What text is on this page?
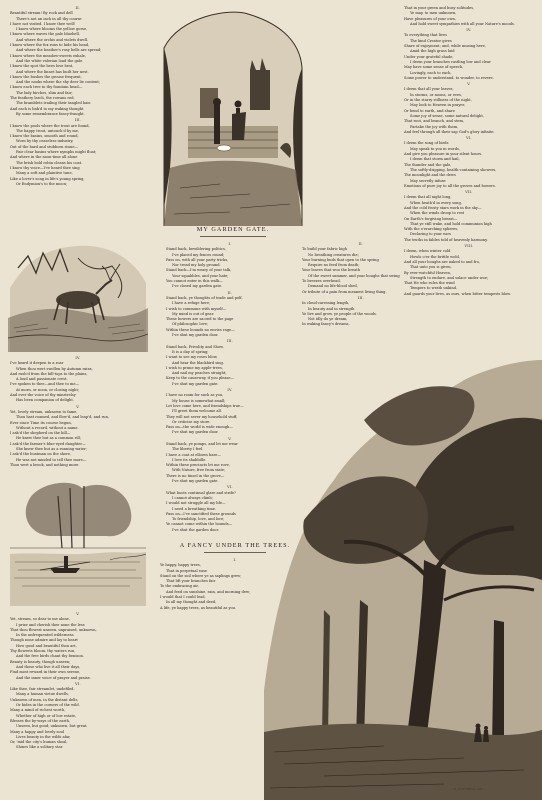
II.

Beautiful stream! By rock and dell

There's not an inch in all thy course

I have not visited. I know thee well!

I know where blooms the yellow gorse,

I know where waves the pale bluebell,

And where the orchis and violets dwell.

I know where the fox runs to hide his head,

And where the heather's rosy bells are spread;

I know where the meadow-sweets exhale,

And the white valerian load the gale.

I know the spot the bees love best,

And where the linnet has built her nest.

I know the bushes the grouse frequent,

And the nooks where the shy deer lie content;

I know each tree to thy fountain head—

The lady birches, slim and fair;

The feathery larch, the rowans red,

The bramblets trailing their tangled hair.

And each is link'd to my waking thought

By some remembrance fancy-fraught.

III.

I know the pools where the trout are found,

The happy trout, untouch'd by me,

I know the basins, smooth and round,

Worn by thy ceaseless industry,

Out of the hard and stubborn stone—

Fair clear basins where nymphs might float;

And where in the noon-time all alone

The brisk bold robin cleans his coat.

I know thy voice—I've heard thee sing

Many a soft and plaintive tune,

Like a lover's song in life's young spring,

Or Endymion's to the moon;

IV.

I've heard it deepen to a roar

When thou wert swollen by Autumn rains,

And rush'd from the hill-tops to the plains,

A loud and passionate crest.

I've spoken to thee—and thee to me—

At morn, or noon, or closing night;

And ever the voice of thy minstrelsy

Has been companion of delight.

V.

Yet, lovely stream, unknown to fame,

Thou hast roamed, and flow'd, and leap'd, and run,

Ever since Time its course begun,

Without a record, without a name.

I ask'd the shepherd on the hill—

He knew thee but as a common rill;

I ask'd the farmer's blue-eyed daughter—

She knew thee but as a running water;

I ask'd the boatman on the shore,

He was not minded to tell thee more—

Thou wert a brook, and nothing more.

V.

Yet, stream, so dear to me alone,

I prize and cherish thee none the less

That thou flowest unseen, unpraised, unknown,

In the unfrequented wilderness.

Though none admire and lay to heart

How good and beautiful thou art,

Thy flowrets bloom, thy waters run,

And the free birds chant thy benison.

Beauty is beauty, though unseen;

And those who live it all their days,

Find most reward in their own serene,

And the inner voice of prayer and praise.

VI.

Like thee, fair streamlet, undefiled,

Many a human virtue dwells,

Unknown of men, in the distant dells,

Or hides in the corners of the wild.

Many a mind of richest worth,

Whether of high or of low estate,

Blesses the by-ways of the earth,

Unseen, but good; unknown, but great.

Many a happy and lovely soul

Lives beauty in the wilds afar,

Or, 'mid the city's human shoal,

Shines like a solitary star.

MY GARDEN GATE.
I.

Stand back, bewildering politics,

I've placed my fences round;

Pass on, with all your party tricks,

Nor tread my holy ground.

Stand back—I'm weary of your talk,

Your squabbles, and your hate;

You cannot enter in this walk—

I've closed my garden gate.

II.

Stand back, ye thoughts of trade and pelf,

I have a refuge here;

I wish to commune with myself—

My mind is out of gear.

These bowers are sacred to the page

Of philosophic love;

Within these bounds no envies rage—

I've shut my garden door.

III.

Stand back, Frivolity and Show,

It is a day of spring;

I want to see my roses blow,

And hear the blackbird sing.

I wish to prune my apple-trees,

And nail my peaches straight;

Keep to the causeway, if you please—

I've shut my garden gate.

IV.

I have no room for such as you,

My house is somewhat small;

Let love come here, and friendships true—

I'll greet them welcome all.

They will not sever my household stuff,

Or criticise my store.

Pass on—the world is wide enough—

I've shut my garden door.

V.

Stand back, ye pomps, and let me wear

The liberty I feel.

I have a coat at elbows bare—

I love its shabbille.

Within these precincts let me rove,

With Nature, free from state;

There is no tinsel in the grove—

I've shut my garden gate.

VI.

What boots continual glare and strife?

I cannot always climb;

I would not struggle all my life—

I need a breathing time.

Pass on—I've sanctified these grounds

To friendship, love, and lore;

Ye cannot come within the bounds—

I've shut the garden door.

A FANCY UNDER THE TREES.
I.

Ye happy, happy trees,

That in perpetual ease

Stand on the soil where ye as saplings grew;

That lift your branches fair

To the embracing air,

And feed on sunshine, rain, and morning dew;

I would that I could lead,

In all my thought and deed,

A life, ye happy trees, as beautiful as you.

II.

To build your fabric high

No breathing creatures die;

Your burning buds that open to the spring

Require no feed from death;

Your leaves that woo the breath

Of the sweet summer, and your boughs that swing

To breezes overhead,

Demand no life-blood shed,

Or tribute of a pain from meanest living thing.

III.

In cloud-caressing length,

In beauty and in strength

Ye live and grow, ye people of the woods.

Not idly do ye dream,

In waking fancy's dreams,

That in your green and busy solitudes,

Ye may, to men unknown,

Have pleasures of your own,

And hold sweet sympathies with all your Nature's moods.

IV.

To everything that lives

The kind Creator gives

Share of enjoyment; and, while musing here,

Amid the high grass laid

Under your grateful shade,

I deem your branches rustling low and clear

May have some sense of speech,

Lovingly, each to each,

Some power to understand, to wonder, to revere.

V.

I deem that all your leaves,

In storms, or noons, or eves,

Or in the starry stillness of the night,

May look to Heaven in prayer,

Or bend to earth, and share

Some joy of sense, some natural delight,

That root, and branch, and stem,

Partake the joy with them,

And feel through all their sap God's glory infinite.

VI.

I deem the song of birds

May speak to you in words,

And give you pleasure in your silent hours.

I deem that storm and hail,

The thunder and the gale,

The softly-dripping, health-containing showers,

The moonlight and the dews

May secretly infuse

Emotions of pure joy to all the groves and bowers.

VII.

I deem that all night long,

When heath'd in every song,

And the cold frosty stars work in the sky—

When the winds droop to rest

On Earth's forgiving breast—

That ye still wake, and hold communion high

With the o'erarching spheres,

Declaring to your ears

The truths in fables told of heavenly harmony.

VIII.

I deem, when winter cold

Howls o'er the brittle wold,

And all your boughs are naked to and fro,

That unto you is given,

By ever-watchful Heaven,

Strength to endure, and solace under woe;

That He who rules the wind

Tempers to wrath unkind,

And guards your lives, as ours, when bitter tempests blow.

S. COTTRELL. SC.
